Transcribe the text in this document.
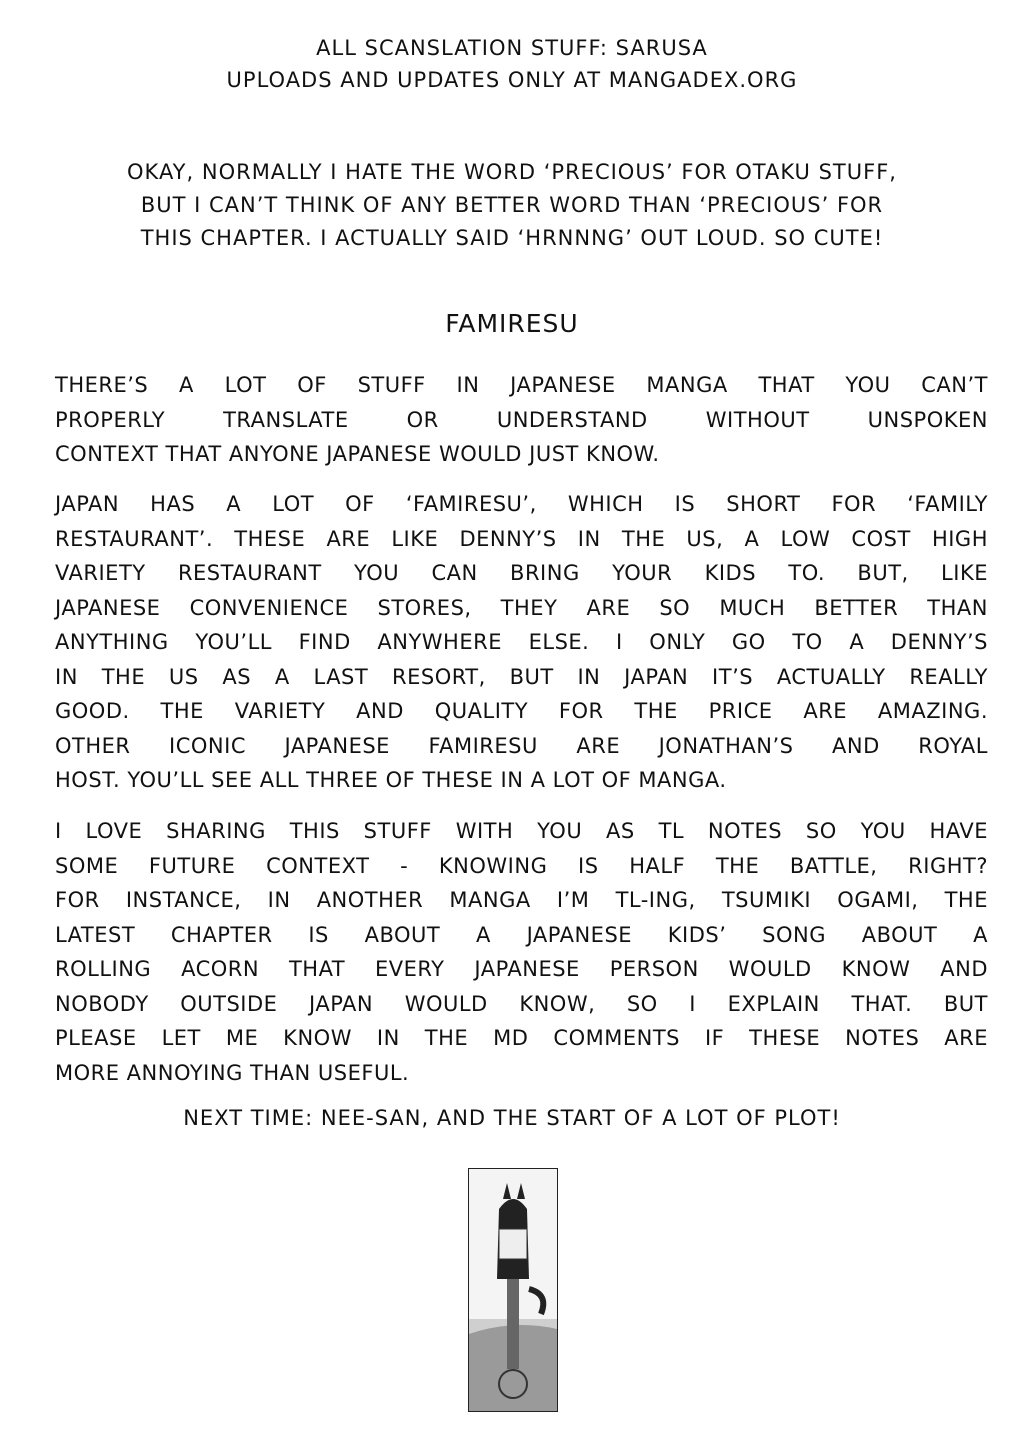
ALL SCANSLATION STUFF: SARUSA
UPLOADS AND UPDATES ONLY AT MANGADEX.ORG
OKAY, NORMALLY I HATE THE WORD ‘PRECIOUS’ FOR OTAKU STUFF,
BUT I CAN’T THINK OF ANY BETTER WORD THAN ‘PRECIOUS’ FOR
THIS CHAPTER. I ACTUALLY SAID ‘HRNNNG’ OUT LOUD. SO CUTE!
FAMIRESU
THERE’S A LOT OF STUFF IN JAPANESE MANGA THAT YOU CAN’T
PROPERLY TRANSLATE OR UNDERSTAND WITHOUT UNSPOKEN
CONTEXT THAT ANYONE JAPANESE WOULD JUST KNOW.
JAPAN HAS A LOT OF ‘FAMIRESU’, WHICH IS SHORT FOR ‘FAMILY
RESTAURANT’. THESE ARE LIKE DENNY’S IN THE US, A LOW COST HIGH
VARIETY RESTAURANT YOU CAN BRING YOUR KIDS TO. BUT, LIKE
JAPANESE CONVENIENCE STORES, THEY ARE SO MUCH BETTER THAN
ANYTHING YOU’LL FIND ANYWHERE ELSE. I ONLY GO TO A DENNY’S
IN THE US AS A LAST RESORT, BUT IN JAPAN IT’S ACTUALLY REALLY
GOOD. THE VARIETY AND QUALITY FOR THE PRICE ARE AMAZING.
OTHER ICONIC JAPANESE FAMIRESU ARE JONATHAN’S AND ROYAL
HOST. YOU’LL SEE ALL THREE OF THESE IN A LOT OF MANGA.
I LOVE SHARING THIS STUFF WITH YOU AS TL NOTES SO YOU HAVE
SOME FUTURE CONTEXT - KNOWING IS HALF THE BATTLE, RIGHT?
FOR INSTANCE, IN ANOTHER MANGA I’M TL-ING, TSUMIKI OGAMI, THE
LATEST CHAPTER IS ABOUT A JAPANESE KIDS’ SONG ABOUT A
ROLLING ACORN THAT EVERY JAPANESE PERSON WOULD KNOW AND
NOBODY OUTSIDE JAPAN WOULD KNOW, SO I EXPLAIN THAT. BUT
PLEASE LET ME KNOW IN THE MD COMMENTS IF THESE NOTES ARE
MORE ANNOYING THAN USEFUL.
NEXT TIME: NEE-SAN, AND THE START OF A LOT OF PLOT!
